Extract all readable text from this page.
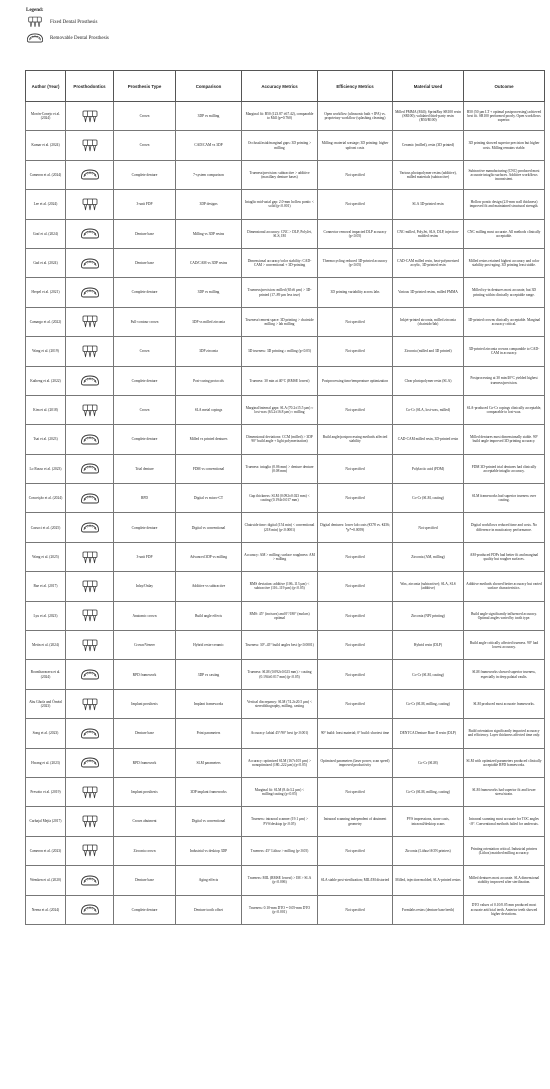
Legend:
Fixed Dental Prosthesis
Removable Dental Prosthesis
Author (Year)	Prosthodontics	Prosthesis Type	Comparison	Accuracy Metrics	Efficiency Metrics	Material Used	Outcome
Morón-Conejo et al. (2024)		Crown	3DP vs milling	Marginal fit: B50 (123.87 ±67.42), comparable to Mill (p=0.760)	Open workflow (ultrasonic bath + IPA) vs. proprietary workflow (splashing cleaning)	Milled PMMA (Mill); SprintRay SR100 resin (SR100); validated third-party resin (B50/B100)	B50 (50 µm LT + optimal postprocessing) achieved best fit. SR100 performed poorly. Open workflows superior.
Kumar et al. (2024)		Crown	CAD/CAM vs 3DP	Occlusal/axial/marginal gaps: 3D printing > milling	Milling: material wastage; 3D printing: higher upfront costs	Ceramic (milled), resin (3D printed)	3D printing showed superior precision but higher costs. Milling remains viable.
Cameron et al. (2024)		Complete denture	7-system comparison	Trueness/precision: subtractive > additive (maxillary denture bases)	Not specified	Various photopolymer resins (additive), milled materials (subtractive)	Subtractive manufacturing (CNC) produced most accurate intaglio surfaces. Additive workflows inconsistent.
Lee et al. (2024)		3-unit FDP	3DP designs	Intaglio mid-axial gap: 2.0-mm hollow pontic < solid (p<0.001)	Not specified	SLA 3D-printed resin	Hollow pontic design (2.0-mm wall thickness) improved fit and maintained structural strength.
Graf et al. (2024)		Denture base	Milling vs 3DP resins	Dimensional accuracy: CNC > DLP, PolyJet, SLS, IM	Connector removal impacted DLP accuracy (p<0.05)	CNC-milled, PolyJet, SLS, DLP, injection-molded resins	CNC milling most accurate. All methods clinically acceptable.
Gad et al. (2024)		Denture base	CAD/CAM vs 3DP resins	Dimensional accuracy/color stability: CAD-CAM > conventional + 3D-printing	Thermocycling reduced 3D-printed accuracy (p<0.05)	CAD-CAM milled resin, heat-polymerized acrylic, 3D-printed resin	Milled resins retained highest accuracy and color stability post-aging. 3D printing least stable.
Herpel et al. (2021)		Complete denture	3DP vs milling	Trueness/precision: milled (65±6 µm) > 3D-printed (17–89 µm less true)	3D printing variability across labs	Various 3D-printed resins, milled PMMA	Milled try-in dentures most accurate, but 3D printing within clinically acceptable range.
Camargo et al. (2022)		Full-contour crown	3DP vs milled zirconia	Trueness/cement space: 3D printing > chairside milling > lab milling	Not specified	Inkjet-printed zirconia, milled zirconia (chairside/lab)	3D-printed crowns clinically acceptable. Marginal accuracy critical.
Wang et al. (2019)		Crown	3DP zirconia	3D trueness: 3D printing ≥ milling (p<0.05)	Not specified	Zirconia (milled and 3D printed)	3D-printed zirconia crowns comparable to CAD-CAM in accuracy.
Katheng et al. (2022)		Complete denture	Post-curing protocols	Trueness: 30 min at 40°C (RMSE lowest)	Postprocessing time/temperature optimization	Clear photopolymer resin (SLA)	Postprocessing at 30 min/40°C yielded highest trueness/precision.
Kim et al. (2018)		Crown	SLA metal copings	Marginal/internal gaps: SLA (70.2±15.5 µm) ≈ lost-wax (63.2±16.8 µm) ≈ milling	Not specified	Co-Cr (SLA, lost-wax, milled)	SLA-produced Co-Cr copings clinically acceptable, comparable to lost-wax.
Tsai et al. (2023)		Complete denture	Milled vs printed dentures	Dimensional deviations: CCM (milled) > 3DP 90° build angle + light polymerization)	Build angle/postprocessing methods affected stability	CAD-CAM milled resin, 3D-printed resin	Milled dentures most dimensionally stable. 90° build angle improved 3D printing accuracy.
Lo Russo et al. (2023)		Trial denture	FDM vs conventional	Trueness: intaglio (0.06 mm) > denture denture (0.08 mm)	Not specified	Polylactic acid (FDM)	FDM 3D-printed trial dentures had clinically acceptable intaglio accuracy.
Conceição et al. (2024)		RPD	Digital vs micro-CT	Gap thickness: SLM (0.092±0.023 mm) < casting (0.194±0.017 mm)	Not specified	Co-Cr (SLM, casting)	SLM frameworks had superior trueness over casting.
Cassoci et al. (2025)		Complete denture	Digital vs conventional	Chairside time: digital (154 min) < conventional (218 min) (p<0.0001)	Digital dentures: lower lab costs (€378 vs. €456; *p*=0.0059)	Not specified	Digital workflows reduced time and costs. No difference in masticatory performance.
Wang et al. (2025)		3-unit FDP	Advanced 3DP vs milling	Accuracy: AM > milling; surface roughness: AM > milling	Not specified	Zirconia (AM, milling)	AM-produced FDPs had better fit and marginal quality but rougher surfaces.
Bae et al. (2017)		Inlay/Onlay	Additive vs subtractive	RMS deviation: additive (106–113 µm) < subtractive (116–119 µm) (p<0.05)	Not specified	Wax, zirconia (subtractive); SLA, SLS (additive)	Additive methods showed better accuracy but varied surface characteristics.
Lyu et al. (2023)		Anatomic crown	Build angle effects	RMS: 45° (incisors) and 0°/180° (molars) optimal	Not specified	Zirconia (NPJ printing)	Build angle significantly influenced accuracy. Optimal angles varied by tooth type.
Metin et al. (2024)		Crown/Veneer	Hybrid resin-ceramic	Trueness: 30°–45° build angles best (p<0.0001)	Not specified	Hybrid resin (DLP)	Build angle critically affected trueness. 90° had lowest accuracy.
Boonthavarava et al. (2024)		RPD framework	3DP vs casting	Trueness: SLM (0.092±0.023 mm) > casting (0.194±0.017 mm) (p<0.05)	Not specified	Co-Cr (SLM, casting)	SLM frameworks showed superior trueness, especially in deep palatal vaults.
Abu Ghofa and Örnéal (2023)		Implant prosthesis	Implant frameworks	Vertical discrepancy: SLM (74.2±20.5 µm) < stereolithography, milling, casting	Not specified	Co-Cr (SLM, milling, casting)	SLM produced most accurate frameworks.
Song et al. (2023)		Denture base	Print parameters	Accuracy: labial 45°/90° best (p<0.001)	90° build: least material; 0° build: shortest time	DENTCA Denture Base II resin (DLP)	Build orientation significantly impacted accuracy and efficiency. Layer thickness affected time only.
Hwang et al. (2023)		RPD framework	SLM parameters	Accuracy: optimized SLM (167±105 µm) > nonoptimized (180–222 µm) (p<0.05)	Optimized parameters (laser power, scan speed) improved productivity	Co-Cr (SLM)	SLM with optimized parameters produced clinically acceptable RPD frameworks.
Presotto et al. (2019)		Implant prosthesis	3DP implant frameworks	Marginal fit: SLM (8.4±3.2 µm) < milling/casting (p<0.05)	Not specified	Co-Cr (SLM, milling, casting)	SLM frameworks had superior fit and lower stress/strain.
Carbajal Mejía (2017)		Crown abutment	Digital vs conventional	Trueness: intraoral scanner (19.1 µm) > PVS/desktop (p<0.05)	Intraoral scanning independent of abutment geometry	PVS impressions, stone casts, intraoral/desktop scans	Intraoral scanning most accurate for TOC angles <8°. Conventional methods failed for undercuts.
Cameron et al. (2023)		Zirconia crown	Industrial vs desktop 3DP	Trueness: 45° Lithoz > milling (p<0.05)	Not specified	Zirconia (Lithoz/AON printers)	Printing orientation critical. Industrial printers (Lithoz) matched milling accuracy.
Wemken et al. (2020)		Denture base	Aging effects	Trueness: MIL (RMSE lowest) > IM > SLA (p<0.006)	SLA stable post-sterilization; MIL/IM distorted	Milled, injection-molded, SLA-printed resins	Milled dentures most accurate. SLA dimensional stability improved after sterilization.
Neena et al. (2024)		Complete denture	Denture tooth offset	Trueness: 0.10-mm DTO = 0.05-mm DTO (p<0.001)	Not specified	Formlabs resins (denture base/teeth)	DTO values of 0.10/0.05 mm produced most accurate artificial teeth. Anterior teeth showed higher deviations.
